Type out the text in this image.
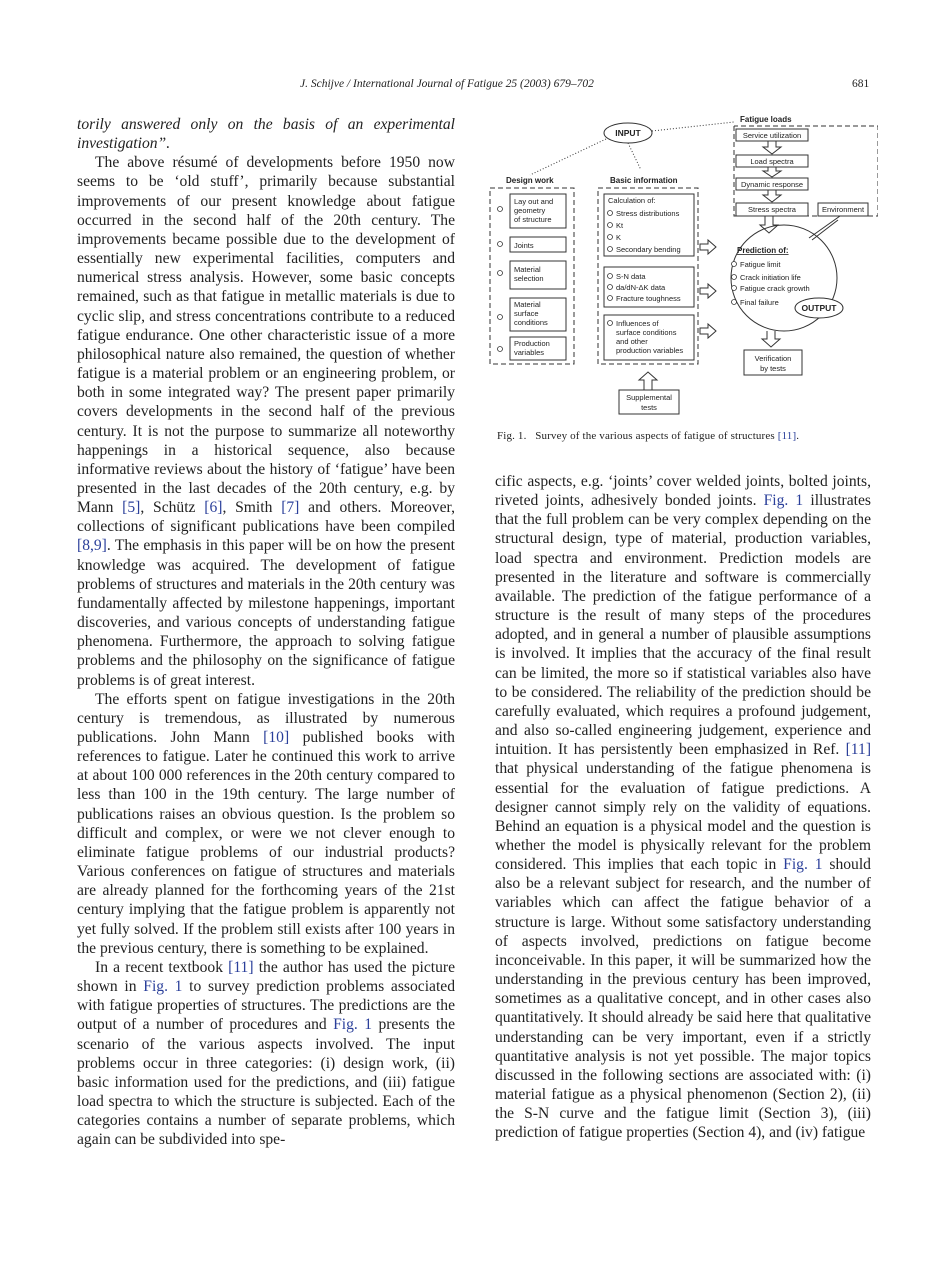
J. Schijve / International Journal of Fatigue 25 (2003) 679–702	681

torily answered only on the basis of an experimental investigation”.

The above résumé of developments before 1950 now seems to be ‘old stuff’, primarily because substantial improvements of our present knowledge about fatigue occurred in the second half of the 20th century. The improvements became possible due to the development of essentially new experimental facilities, computers and numerical stress analysis. However, some basic concepts remained, such as that fatigue in metallic materials is due to cyclic slip, and stress concentrations contribute to a reduced fatigue endurance. One other characteristic issue of a more philosophical nature also remained, the question of whether fatigue is a material problem or an engineering problem, or both in some integrated way? The present paper primarily covers developments in the second half of the previous century. It is not the purpose to summarize all noteworthy happenings in a historical sequence, also because informative reviews about the history of ‘fatigue’ have been presented in the last decades of the 20th century, e.g. by Mann [5], Schütz [6], Smith [7] and others. Moreover, collections of significant publications have been compiled [8,9]. The emphasis in this paper will be on how the present knowledge was acquired. The development of fatigue problems of structures and materials in the 20th century was fundamentally affected by milestone happenings, important discoveries, and various concepts of understanding fatigue phenomena. Furthermore, the approach to solving fatigue problems and the philosophy on the significance of fatigue problems is of great interest.

The efforts spent on fatigue investigations in the 20th century is tremendous, as illustrated by numerous publications. John Mann [10] published books with references to fatigue. Later he continued this work to arrive at about 100 000 references in the 20th century compared to less than 100 in the 19th century. The large number of publications raises an obvious question. Is the problem so difficult and complex, or were we not clever enough to eliminate fatigue problems of our industrial products? Various conferences on fatigue of structures and materials are already planned for the forthcoming years of the 21st century implying that the fatigue problem is apparently not yet fully solved. If the problem still exists after 100 years in the previous century, there is something to be explained.

In a recent textbook [11] the author has used the picture shown in Fig. 1 to survey prediction problems associated with fatigue properties of structures. The predictions are the output of a number of procedures and Fig. 1 presents the scenario of the various aspects involved. The input problems occur in three categories: (i) design work, (ii) basic information used for the predictions, and (iii) fatigue load spectra to which the structure is subjected. Each of the categories contains a number of separate problems, which again can be subdivided into spe-

INPUT
OUTPUT
Design work	Basic information
Fatigue loads
Lay out and
geometry
of structure
Joints
Material
selection
Material
surface
conditions
Production
variables
Calculation of:
Stress distributions
Kt
K
Secondary bending
S-N data
da/dN-ΔK data
Fracture toughness
Influences of
surface conditions
and other
production variables
Supplemental
tests
Service utilization
Load spectra
Dynamic response
Stress spectra	Environment
Prediction of:
Fatigue limit
Crack initiation life
Fatigue crack growth
Final failure
Verification
by tests
Fig. 1. Survey of the various aspects of fatigue of structures [11].

cific aspects, e.g. ‘joints’ cover welded joints, bolted joints, riveted joints, adhesively bonded joints. Fig. 1 illustrates that the full problem can be very complex depending on the structural design, type of material, production variables, load spectra and environment. Prediction models are presented in the literature and software is commercially available. The prediction of the fatigue performance of a structure is the result of many steps of the procedures adopted, and in general a number of plausible assumptions is involved. It implies that the accuracy of the final result can be limited, the more so if statistical variables also have to be considered. The reliability of the prediction should be carefully evaluated, which requires a profound judgement, and also so-called engineering judgement, experience and intuition. It has persistently been emphasized in Ref. [11] that physical understanding of the fatigue phenomena is essential for the evaluation of fatigue predictions. A designer cannot simply rely on the validity of equations. Behind an equation is a physical model and the question is whether the model is physically relevant for the problem considered. This implies that each topic in Fig. 1 should also be a relevant subject for research, and the number of variables which can affect the fatigue behavior of a structure is large. Without some satisfactory understanding of aspects involved, predictions on fatigue become inconceivable. In this paper, it will be summarized how the understanding in the previous century has been improved, sometimes as a qualitative concept, and in other cases also quantitatively. It should already be said here that qualitative understanding can be very important, even if a strictly quantitative analysis is not yet possible. The major topics discussed in the following sections are associated with: (i) material fatigue as a physical phenomenon (Section 2), (ii) the S-N curve and the fatigue limit (Section 3), (iii) prediction of fatigue properties (Section 4), and (iv) fatigue
